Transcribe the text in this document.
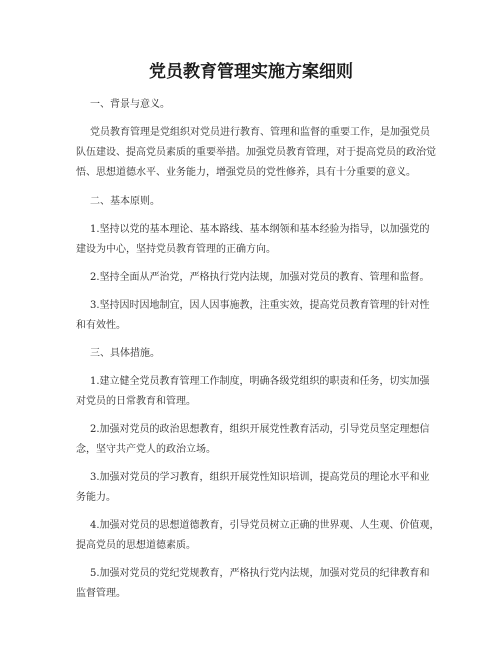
党员教育管理实施方案细则
一、背景与意义。
党员教育管理是党组织对党员进行教育、管理和监督的重要工作，是加强党员
队伍建设、提高党员素质的重要举措。加强党员教育管理，对于提高党员的政治觉
悟、思想道德水平、业务能力，增强党员的党性修养，具有十分重要的意义。
二、基本原则。
1.坚持以党的基本理论、基本路线、基本纲领和基本经验为指导，以加强党的
建设为中心，坚持党员教育管理的正确方向。
2.坚持全面从严治党，严格执行党内法规，加强对党员的教育、管理和监督。
3.坚持因时因地制宜，因人因事施教，注重实效，提高党员教育管理的针对性
和有效性。
三、具体措施。
1.建立健全党员教育管理工作制度，明确各级党组织的职责和任务，切实加强
对党员的日常教育和管理。
2.加强对党员的政治思想教育，组织开展党性教育活动，引导党员坚定理想信
念，坚守共产党人的政治立场。
3.加强对党员的学习教育，组织开展党性知识培训，提高党员的理论水平和业
务能力。
4.加强对党员的思想道德教育，引导党员树立正确的世界观、人生观、价值观，
提高党员的思想道德素质。
5.加强对党员的党纪党规教育，严格执行党内法规，加强对党员的纪律教育和
监督管理。
